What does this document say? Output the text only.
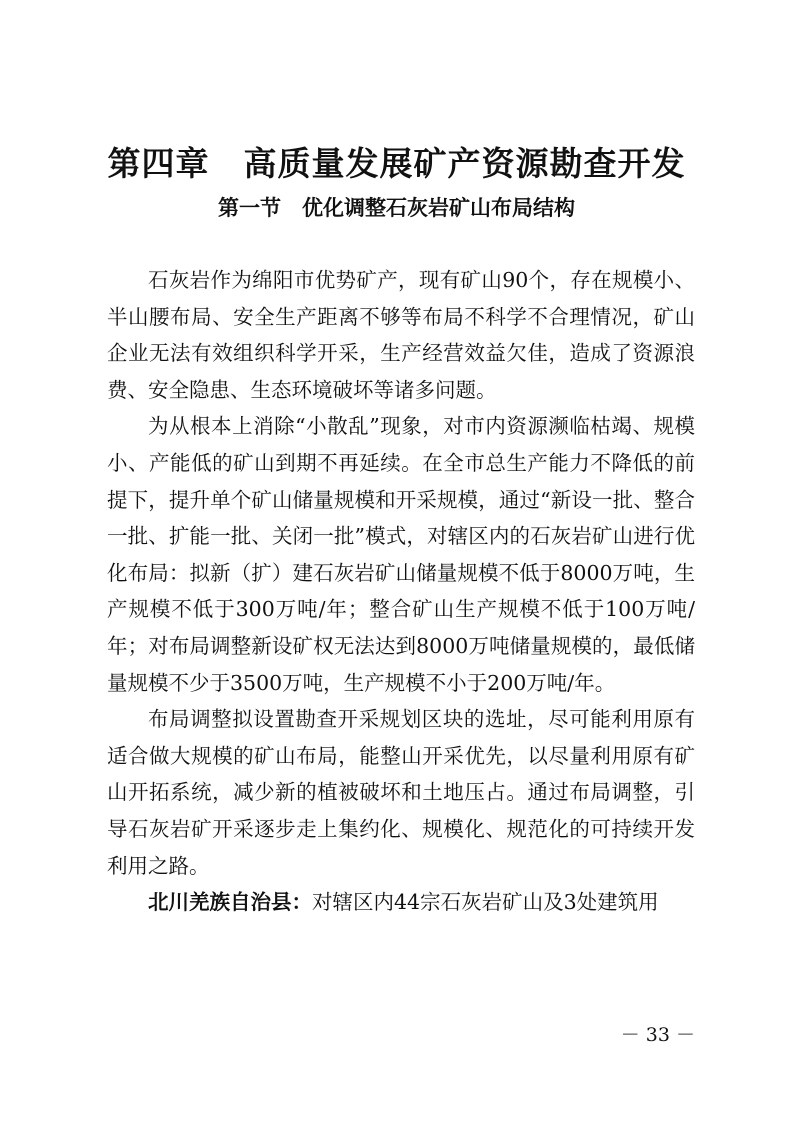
第四章　高质量发展矿产资源勘查开发
第一节　优化调整石灰岩矿山布局结构

石灰岩作为绵阳市优势矿产，现有矿山90个，存在规模小、半山腰布局、安全生产距离不够等布局不科学不合理情况，矿山企业无法有效组织科学开采，生产经营效益欠佳，造成了资源浪费、安全隐患、生态环境破坏等诸多问题。

为从根本上消除“小散乱”现象，对市内资源濒临枯竭、规模小、产能低的矿山到期不再延续。在全市总生产能力不降低的前提下，提升单个矿山储量规模和开采规模，通过“新设一批、整合一批、扩能一批、关闭一批”模式，对辖区内的石灰岩矿山进行优化布局：拟新（扩）建石灰岩矿山储量规模不低于8000万吨，生产规模不低于300万吨/年；整合矿山生产规模不低于100万吨/年；对布局调整新设矿权无法达到8000万吨储量规模的，最低储量规模不少于3500万吨，生产规模不小于200万吨/年。

布局调整拟设置勘查开采规划区块的选址，尽可能利用原有适合做大规模的矿山布局，能整山开采优先，以尽量利用原有矿山开拓系统，减少新的植被破坏和土地压占。通过布局调整，引导石灰岩矿开采逐步走上集约化、规模化、规范化的可持续开发利用之路。

北川羌族自治县：对辖区内44宗石灰岩矿山及3处建筑用

－ 33 －
